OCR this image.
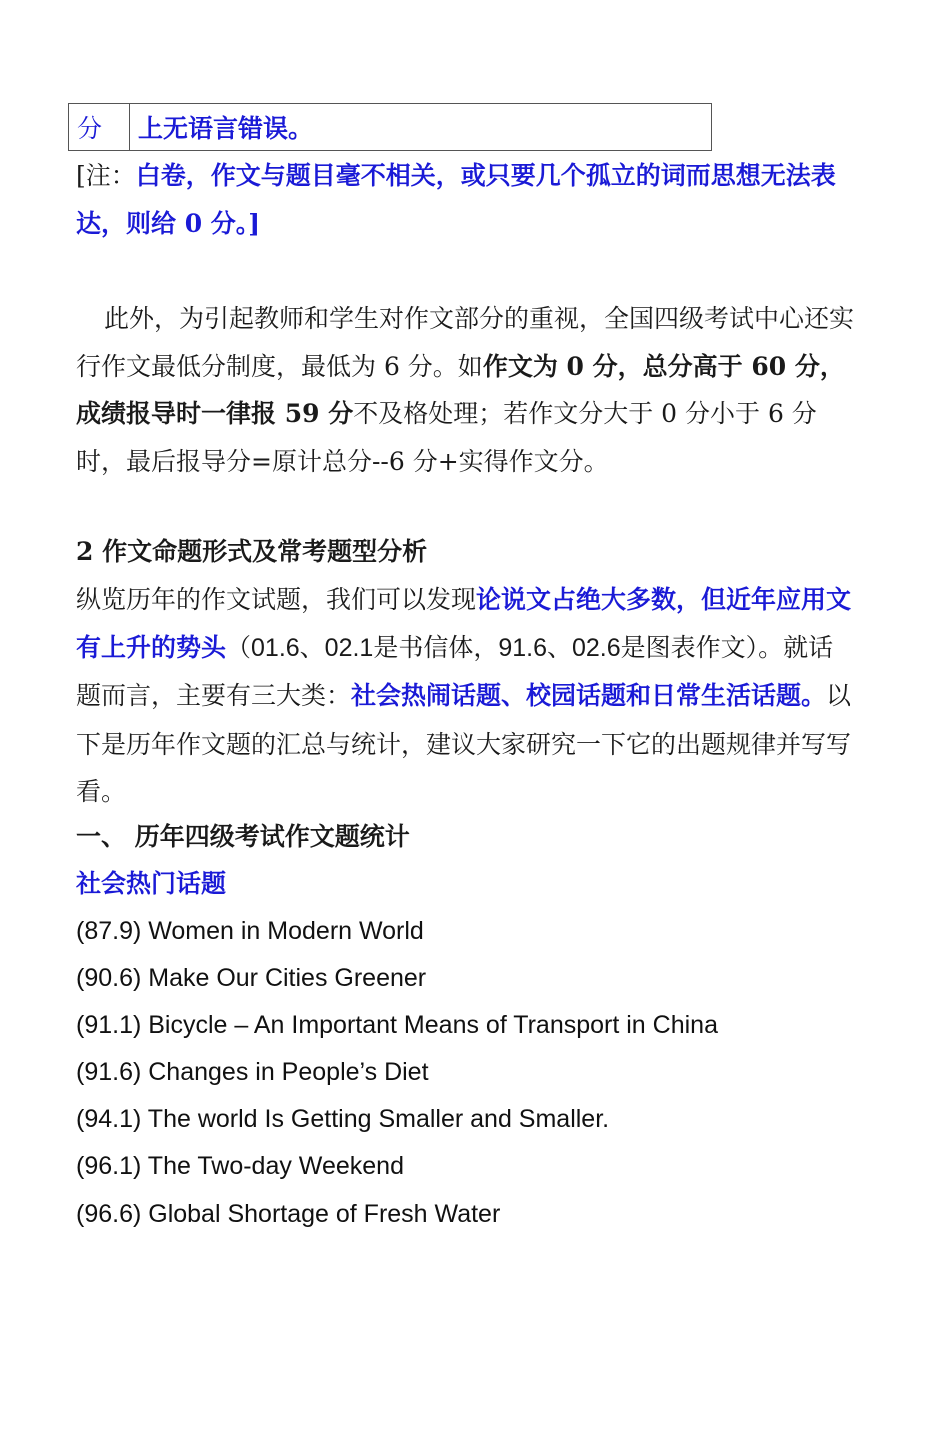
分	上无语言错误。
[注：白卷，作文与题目毫不相关，或只要几个孤立的词而思想无法表达，则给 0 分。]
此外，为引起教师和学生对作文部分的重视，全国四级考试中心还实行作文最低分制度，最低为 6 分。如作文为 0 分，总分高于 60 分，成绩报导时一律报 59 分不及格处理；若作文分大于 0 分小于 6 分时，最后报导分=原计总分--6 分+实得作文分。
2 作文命题形式及常考题型分析
纵览历年的作文试题，我们可以发现论说文占绝大多数，但近年应用文有上升的势头（01.6、02.1是书信体，91.6、02.6是图表作文）。就话题而言，主要有三大类：社会热闹话题、校园话题和日常生活话题。以下是历年作文题的汇总与统计，建议大家研究一下它的出题规律并写写看。
一、 历年四级考试作文题统计
社会热门话题
(87.9) Women in Modern World
(90.6) Make Our Cities Greener
(91.1) Bicycle – An Important Means of Transport in China
(91.6) Changes in People’s Diet
(94.1) The world Is Getting Smaller and Smaller.
(96.1) The Two-day Weekend
(96.6) Global Shortage of Fresh Water
